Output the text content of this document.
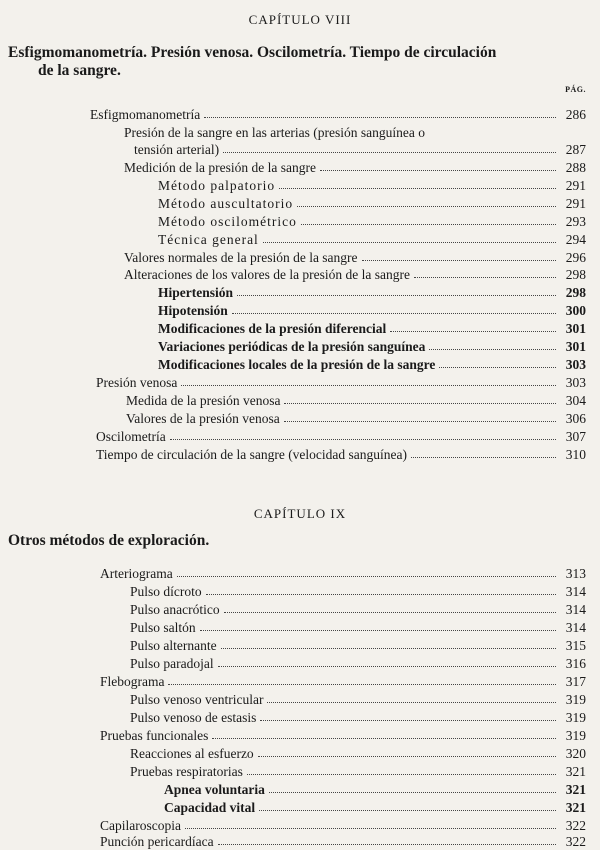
CAPÍTULO VIII
Esfigmomanometría. Presión venosa. Oscilometría. Tiempo de circulación
de la sangre.
PÁG.
Esfigmomanometría	286
Presión de la sangre en las arterias (presión sanguínea o
tensión arterial)	287
Medición de la presión de la sangre	288
Método palpatorio	291
Método auscultatorio	291
Método oscilométrico	293
Técnica general	294
Valores normales de la presión de la sangre	296
Alteraciones de los valores de la presión de la sangre	298
Hipertensión	298
Hipotensión	300
Modificaciones de la presión diferencial	301
Variaciones periódicas de la presión sanguínea	301
Modificaciones locales de la presión de la sangre	303
Presión venosa	303
Medida de la presión venosa	304
Valores de la presión venosa	306
Oscilometría	307
Tiempo de circulación de la sangre (velocidad sanguínea)	310
CAPÍTULO IX
Otros métodos de exploración.
Arteriograma	313
Pulso dícroto	314
Pulso anacrótico	314
Pulso saltón	314
Pulso alternante	315
Pulso paradojal	316
Flebograma	317
Pulso venoso ventricular	319
Pulso venoso de estasis	319
Pruebas funcionales	319
Reacciones al esfuerzo	320
Pruebas respiratorias	321
Apnea voluntaria	321
Capacidad vital	321
Capilaroscopia	322
Punción pericardíaca	322
